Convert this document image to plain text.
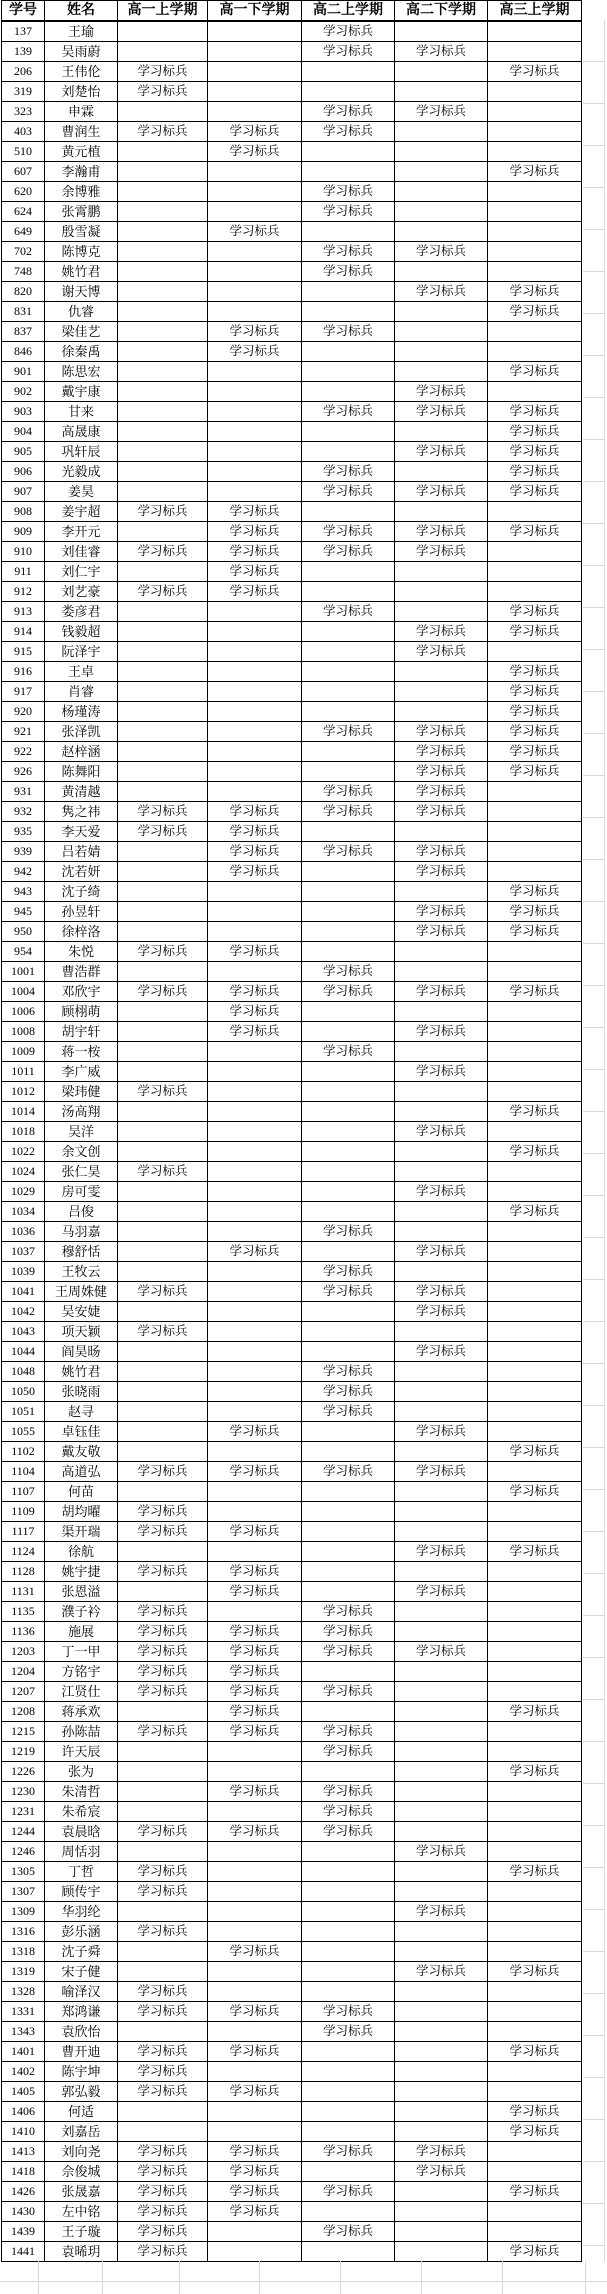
学号	姓名	高一上学期	高一下学期	高二上学期	高二下学期	高三上学期
137	王瑜			学习标兵		
139	吴雨蔚			学习标兵	学习标兵	
206	王伟伦	学习标兵				学习标兵
319	刘楚怡	学习标兵				
323	申霖			学习标兵	学习标兵	
403	曹润生	学习标兵	学习标兵	学习标兵		
510	黄元植		学习标兵			
607	李瀚甫					学习标兵
620	余博雅			学习标兵		
624	张霄鹏			学习标兵		
649	殷雪凝		学习标兵			
702	陈博克			学习标兵	学习标兵	
748	姚竹君			学习标兵		
820	谢天博				学习标兵	学习标兵
831	仇睿					学习标兵
837	梁佳艺		学习标兵	学习标兵		
846	徐秦禹		学习标兵			
901	陈思宏					学习标兵
902	戴宇康				学习标兵	
903	甘来			学习标兵	学习标兵	学习标兵
904	高晟康					学习标兵
905	巩轩辰				学习标兵	学习标兵
906	光毅成			学习标兵		学习标兵
907	姜昊			学习标兵	学习标兵	学习标兵
908	姜宇超	学习标兵	学习标兵			
909	李开元		学习标兵	学习标兵	学习标兵	学习标兵
910	刘佳睿	学习标兵	学习标兵	学习标兵	学习标兵	
911	刘仁宇		学习标兵			
912	刘艺豪	学习标兵	学习标兵			
913	娄彦君			学习标兵		学习标兵
914	钱毅超				学习标兵	学习标兵
915	阮泽宇				学习标兵	
916	王卓					学习标兵
917	肖睿					学习标兵
920	杨瑾涛					学习标兵
921	张泽凯			学习标兵	学习标兵	学习标兵
922	赵梓涵				学习标兵	学习标兵
926	陈舞阳				学习标兵	学习标兵
931	黄清越			学习标兵	学习标兵	
932	隽之祎	学习标兵	学习标兵	学习标兵	学习标兵	
935	李天爱	学习标兵	学习标兵			
939	吕若婧		学习标兵	学习标兵	学习标兵	
942	沈若妍		学习标兵		学习标兵	
943	沈子绮					学习标兵
945	孙昱轩				学习标兵	学习标兵
950	徐梓洛				学习标兵	学习标兵
954	朱悦	学习标兵	学习标兵			
1001	曹浩群			学习标兵		
1004	邓欣宇	学习标兵	学习标兵	学习标兵	学习标兵	学习标兵
1006	顾栩萌		学习标兵			
1008	胡宇轩		学习标兵		学习标兵	
1009	蒋一桉			学习标兵		
1011	李广威				学习标兵	
1012	梁玮健	学习标兵				
1014	汤高翔					学习标兵
1018	吴洋				学习标兵	
1022	余文创					学习标兵
1024	张仁昊	学习标兵				
1029	房可雯				学习标兵	
1034	吕俊					学习标兵
1036	马羽嘉			学习标兵		
1037	穆舒恬		学习标兵		学习标兵	
1039	王牧云			学习标兵		
1041	王周姝健	学习标兵		学习标兵	学习标兵	
1042	吴安婕				学习标兵	
1043	项天颖	学习标兵				
1044	阎昊旸				学习标兵	
1048	姚竹君			学习标兵		
1050	张晓雨			学习标兵		
1051	赵寻			学习标兵		
1055	卓钰佳		学习标兵		学习标兵	
1102	戴友敬					学习标兵
1104	高道弘	学习标兵	学习标兵	学习标兵	学习标兵	
1107	何苗					学习标兵
1109	胡均曜	学习标兵				
1117	渠开瑞	学习标兵	学习标兵			
1124	徐航				学习标兵	学习标兵
1128	姚宇捷	学习标兵	学习标兵			
1131	张恩溢		学习标兵		学习标兵	
1135	濮子衿	学习标兵		学习标兵		
1136	施展	学习标兵	学习标兵	学习标兵		
1203	丁一甲	学习标兵	学习标兵	学习标兵	学习标兵	
1204	方铭宇	学习标兵	学习标兵			
1207	江贤仕	学习标兵	学习标兵	学习标兵		
1208	蒋承欢		学习标兵			学习标兵
1215	孙陈喆	学习标兵	学习标兵	学习标兵		
1219	许天辰			学习标兵		
1226	张为					学习标兵
1230	朱清哲		学习标兵	学习标兵		
1231	朱希宸			学习标兵		
1244	袁晨晗	学习标兵	学习标兵	学习标兵		
1246	周恬羽				学习标兵	
1305	丁哲	学习标兵				学习标兵
1307	顾传宇	学习标兵				
1309	华羽纶				学习标兵	
1316	彭乐涵	学习标兵				
1318	沈子舜		学习标兵			
1319	宋子健				学习标兵	学习标兵
1328	喻泽汉	学习标兵				
1331	郑鸿谦	学习标兵	学习标兵	学习标兵		
1343	袁欣怡			学习标兵		
1401	曹开迪	学习标兵	学习标兵			学习标兵
1402	陈宇坤	学习标兵				
1405	郭弘毅	学习标兵	学习标兵			
1406	何适					学习标兵
1410	刘嘉岳					学习标兵
1413	刘向尧	学习标兵	学习标兵	学习标兵	学习标兵	
1418	佘俊城	学习标兵	学习标兵		学习标兵	
1426	张晟嘉	学习标兵	学习标兵	学习标兵		学习标兵
1430	左中铭	学习标兵	学习标兵			
1439	王子璇	学习标兵		学习标兵		
1441	袁晞玥	学习标兵				学习标兵
